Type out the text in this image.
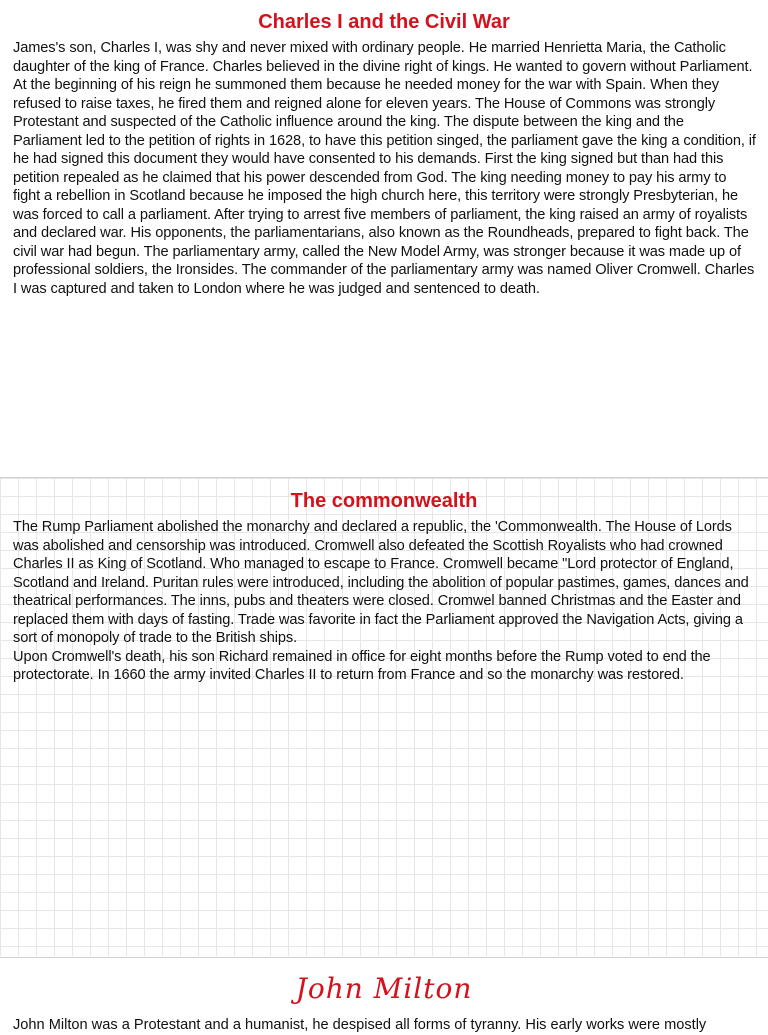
Charles I and the Civil War

James's son, Charles I, was shy and never mixed with ordinary people. He married Henrietta Maria, the Catholic daughter of the king of France. Charles believed in the divine right of kings. He wanted to govern without Parliament. At the beginning of his reign he summoned them because he needed money for the war with Spain. When they refused to raise taxes, he fired them and reigned alone for eleven years. The House of Commons was strongly Protestant and suspected of the Catholic influence around the king. The dispute between the king and the Parliament led to the petition of rights in 1628, to have this petition singed, the parliament gave the king a condition, if he had signed this document they would have consented to his demands. First the king signed but than had this petition repealed as he claimed that his power descended from God. The king needing money to pay his army to fight a rebellion in Scotland because he imposed the high church here, this territory were strongly Presbyterian, he was forced to call a parliament. After trying to arrest five members of parliament, the king raised an army of royalists and declared war. His opponents, the parliamentarians, also known as the Roundheads, prepared to fight back. The civil war had begun. The parliamentary army, called the New Model Army, was stronger because it was made up of professional soldiers, the Ironsides. The commander of the parliamentary army was named Oliver Cromwell. Charles I was captured and taken to London where he was judged and sentenced to death.

The commonwealth

The Rump Parliament abolished the monarchy and declared a republic, the 'Commonwealth. The House of Lords was abolished and censorship was introduced. Cromwell also defeated the Scottish Royalists who had crowned Charles II as King of Scotland. Who managed to escape to France. Cromwell became "Lord protector of England, Scotland and Ireland. Puritan rules were introduced, including the abolition of popular pastimes, games, dances and theatrical performances. The inns, pubs and theaters were closed. Cromwel banned Christmas and the Easter and replaced them with days of fasting. Trade was favorite in fact the Parliament approved the Navigation Acts, giving a sort of monopoly of trade to the British ships.

Upon Cromwell's death, his son Richard remained in office for eight months before the Rump voted to end the protectorate. In 1660 the army invited Charles II to return from France and so the monarchy was restored.

John Milton
John Milton was a Protestant and a humanist, he despised all forms of tyranny. His early works were mostly
